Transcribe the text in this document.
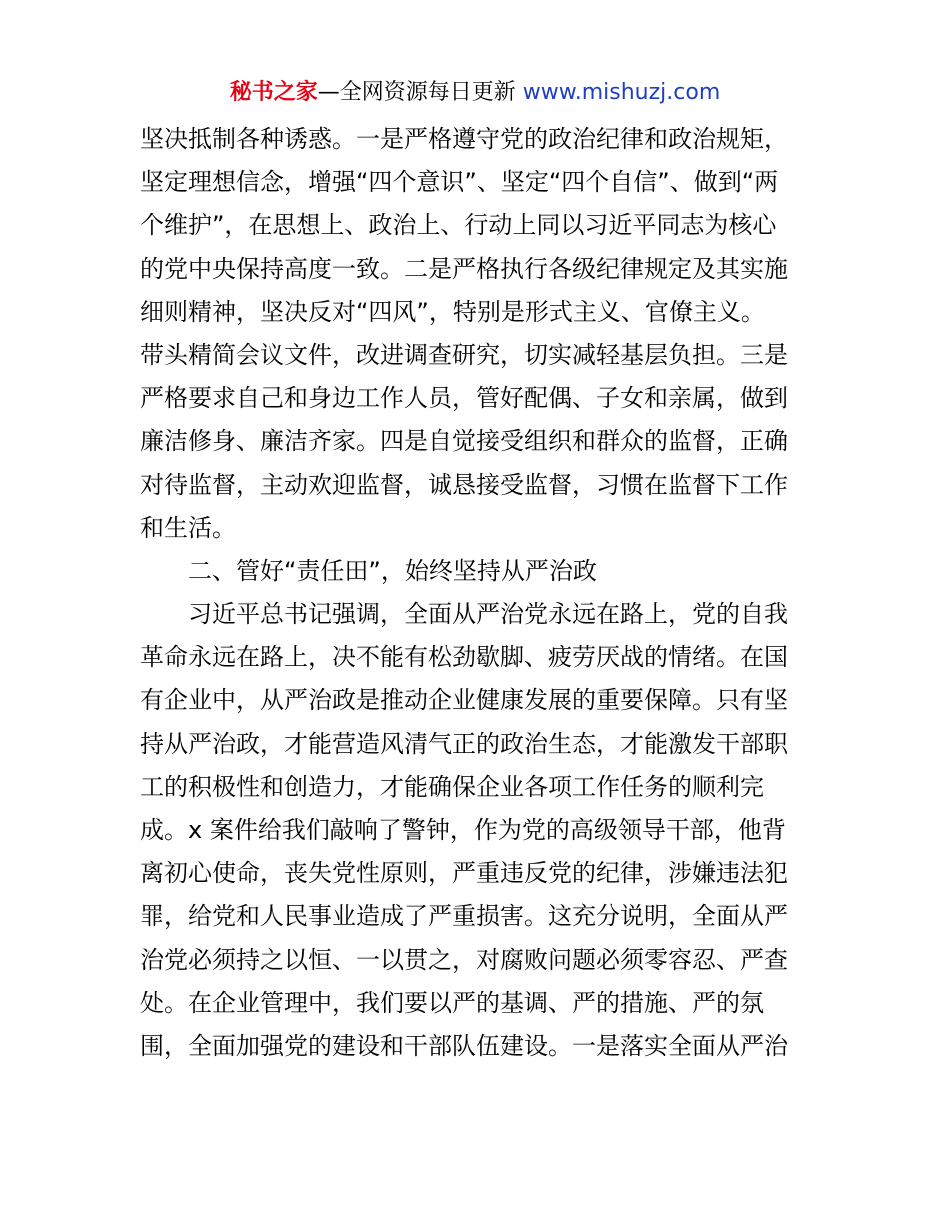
秘书之家—全网资源每日更新 www.mishuzj.com
坚决抵制各种诱惑。一是严格遵守党的政治纪律和政治规矩，
坚定理想信念，增强“四个意识”、坚定“四个自信”、做到“两
个维护”，在思想上、政治上、行动上同以习近平同志为核心
的党中央保持高度一致。二是严格执行各级纪律规定及其实施
细则精神，坚决反对“四风”，特别是形式主义、官僚主义。
带头精简会议文件，改进调查研究，切实减轻基层负担。三是
严格要求自己和身边工作人员，管好配偶、子女和亲属，做到
廉洁修身、廉洁齐家。四是自觉接受组织和群众的监督，正确
对待监督，主动欢迎监督，诚恳接受监督，习惯在监督下工作
和生活。
二、管好“责任田”，始终坚持从严治政
习近平总书记强调，全面从严治党永远在路上，党的自我
革命永远在路上，决不能有松劲歇脚、疲劳厌战的情绪。在国
有企业中，从严治政是推动企业健康发展的重要保障。只有坚
持从严治政，才能营造风清气正的政治生态，才能激发干部职
工的积极性和创造力，才能确保企业各项工作任务的顺利完
成。x 案件给我们敲响了警钟，作为党的高级领导干部，他背
离初心使命，丧失党性原则，严重违反党的纪律，涉嫌违法犯
罪，给党和人民事业造成了严重损害。这充分说明，全面从严
治党必须持之以恒、一以贯之，对腐败问题必须零容忍、严查
处。在企业管理中，我们要以严的基调、严的措施、严的氛
围，全面加强党的建设和干部队伍建设。一是落实全面从严治
